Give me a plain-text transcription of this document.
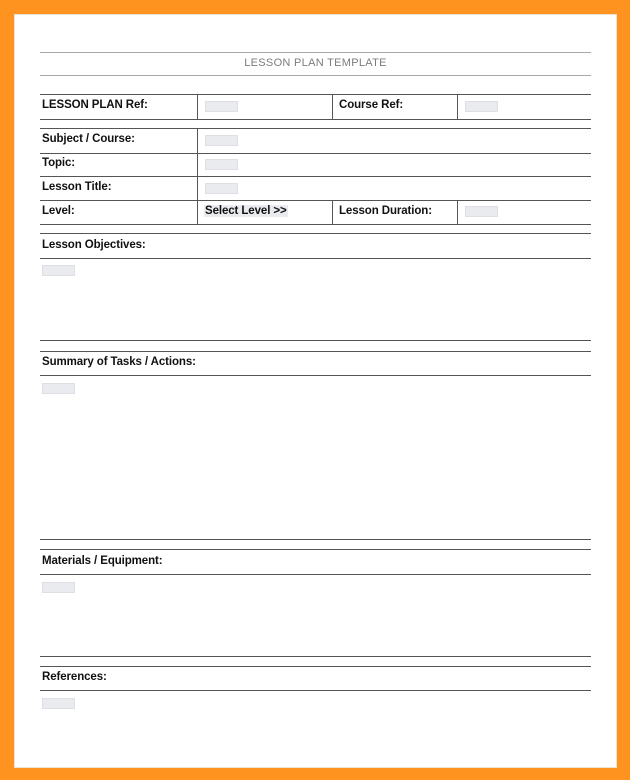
LESSON PLAN TEMPLATE
LESSON PLAN Ref:	Course Ref:
Subject / Course:
Topic:
Lesson Title:
Level:	Select Level >>	Lesson Duration:
Lesson Objectives:
Summary of Tasks / Actions:
Materials / Equipment:
References:
